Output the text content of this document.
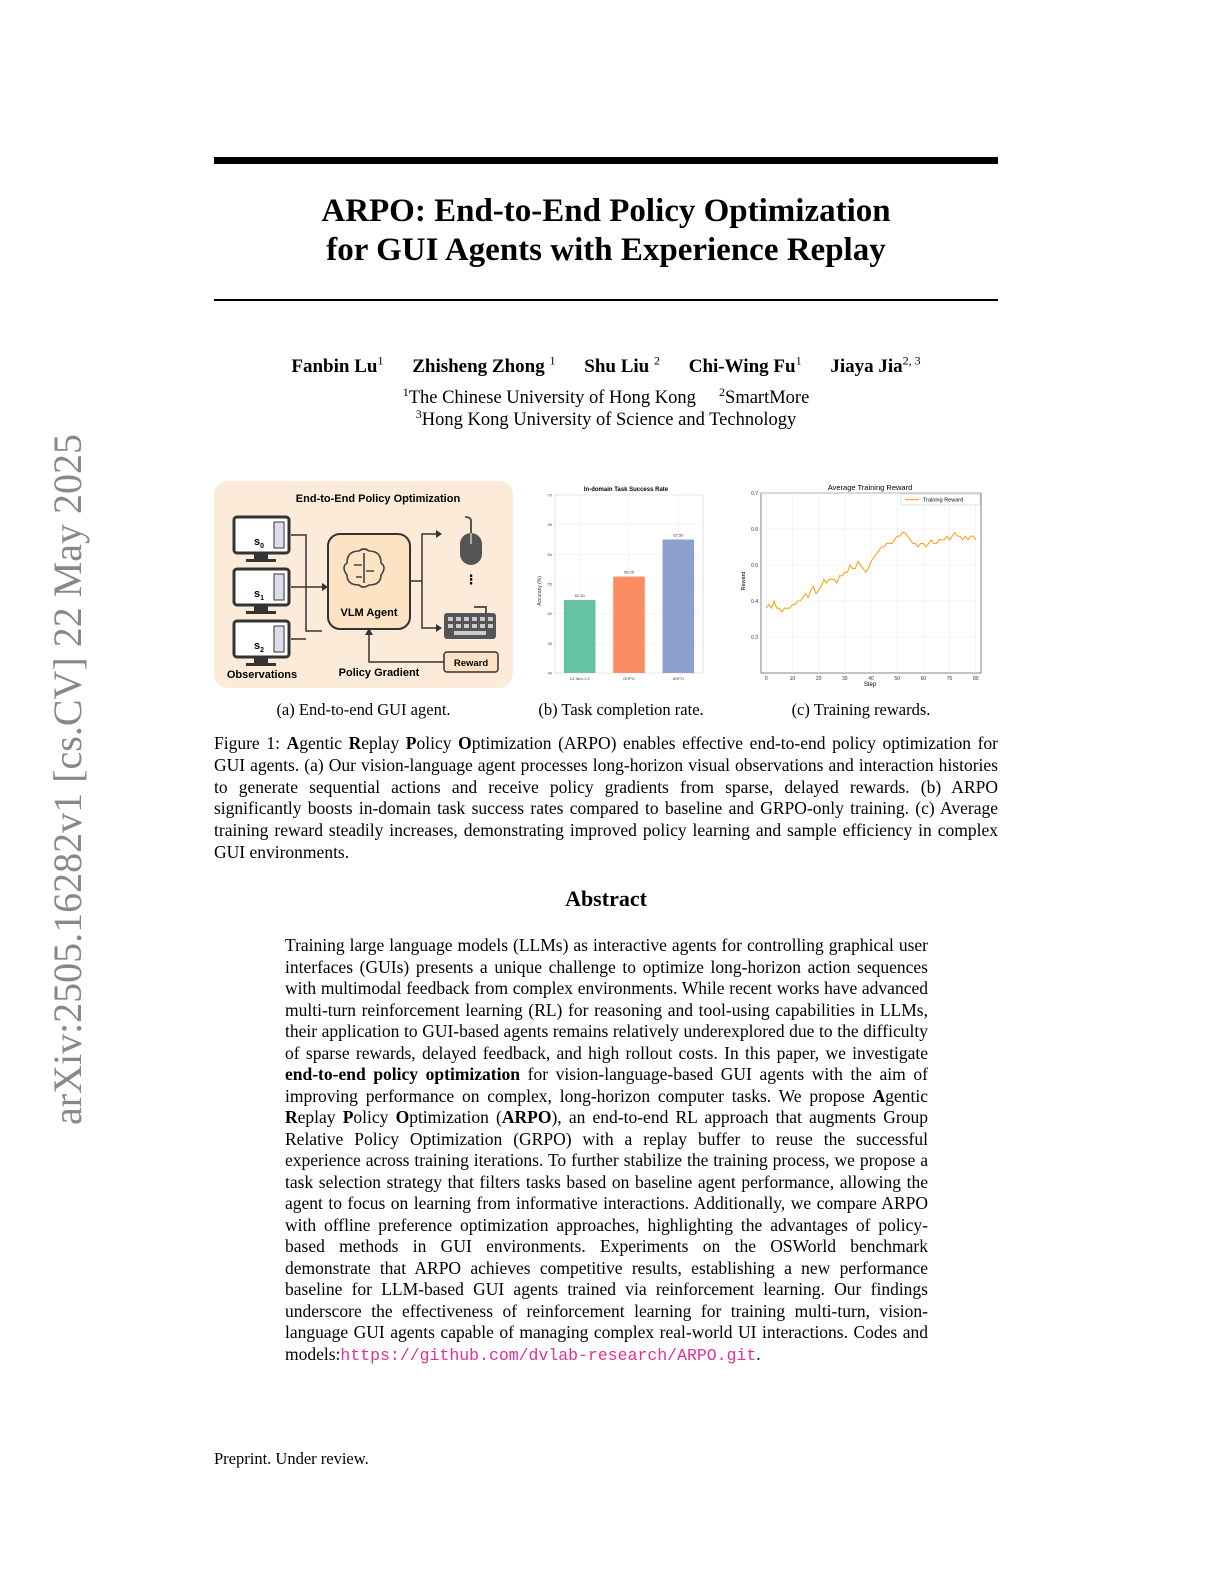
arXiv:2505.16282v1 [cs.CV] 22 May 2025
ARPO: End-to-End Policy Optimization
for GUI Agents with Experience Replay
Fanbin Lu$^1$ Zhisheng Zhong $^1$ Shu Liu $^2$ Chi-Wing Fu$^1$ Jiaya Jia$^{2, 3}$
$^1$The Chinese University of Hong Kong $^2$SmartMore
$^3$Hong Kong University of Science and Technology
End-to-End Policy Optimization
$s_0$
$s_1$
$s_2$
VLM Agent
⋮
Reward
Policy Gradient
Observations
In-domain Task Success Rate
Accuracy (%)
40
45
50
55
60
65
70
52.30
UI-Tars-1.5
56.25
GRPO
62.50
ARPO
Average Training Reward
Reward
Step
0.3
0.4
0.5
0.6
0.7
0	10	20	30	40	50	60	70	80
Training Reward
(a) End-to-end GUI agent.	(b) Task completion rate.	(c) Training rewards.
Figure 1: Agentic Replay Policy Optimization (ARPO) enables effective end-to-end policy optimization for GUI agents. (a) Our vision-language agent processes long-horizon visual observations and interaction histories to generate sequential actions and receive policy gradients from sparse, delayed rewards. (b) ARPO significantly boosts in-domain task success rates compared to baseline and GRPO-only training. (c) Average training reward steadily increases, demonstrating improved policy learning and sample efficiency in complex GUI environments.
Abstract
Training large language models (LLMs) as interactive agents for controlling graphical user interfaces (GUIs) presents a unique challenge to optimize long-horizon action sequences with multimodal feedback from complex environments. While recent works have advanced multi-turn reinforcement learning (RL) for reasoning and tool-using capabilities in LLMs, their application to GUI-based agents remains relatively underexplored due to the difficulty of sparse rewards, delayed feedback, and high rollout costs. In this paper, we investigate end-to-end policy optimization for vision-language-based GUI agents with the aim of improving performance on complex, long-horizon computer tasks. We propose Agentic Replay Policy Optimization (ARPO), an end-to-end RL approach that augments Group Relative Policy Optimization (GRPO) with a replay buffer to reuse the successful experience across training iterations. To further stabilize the training process, we propose a task selection strategy that filters tasks based on baseline agent performance, allowing the agent to focus on learning from informative interactions. Additionally, we compare ARPO with offline preference optimization approaches, highlighting the advantages of policy-based methods in GUI environments. Experiments on the OSWorld benchmark demonstrate that ARPO achieves competitive results, establishing a new performance baseline for LLM-based GUI agents trained via reinforcement learning. Our findings underscore the effectiveness of reinforcement learning for training multi-turn, vision-language GUI agents capable of managing complex real-world UI interactions. Codes and models:https://github.com/dvlab-research/ARPO.git.
Preprint. Under review.
